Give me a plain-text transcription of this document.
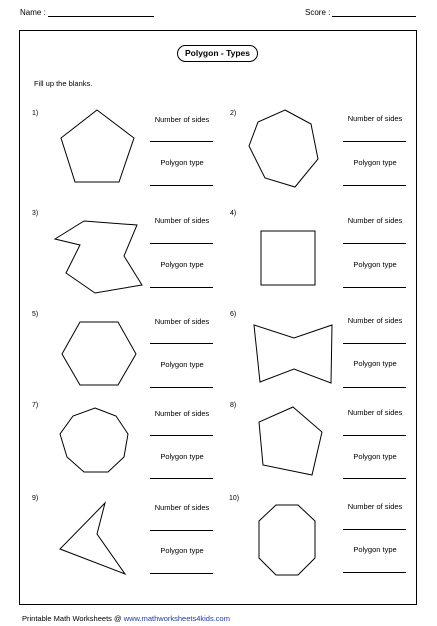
Name :	Score :
Polygon - Types
Fill up the blanks.
1)
Number of sides
Polygon type
2)
Number of sides
Polygon type
3)
Number of sides
Polygon type
4)
Number of sides
Polygon type
5)
Number of sides
Polygon type
6)
Number of sides
Polygon type
7)
Number of sides
Polygon type
8)
Number of sides
Polygon type
9)
Number of sides
Polygon type
10)
Number of sides
Polygon type
Printable Math Worksheets @ www.mathworksheets4kids.com
